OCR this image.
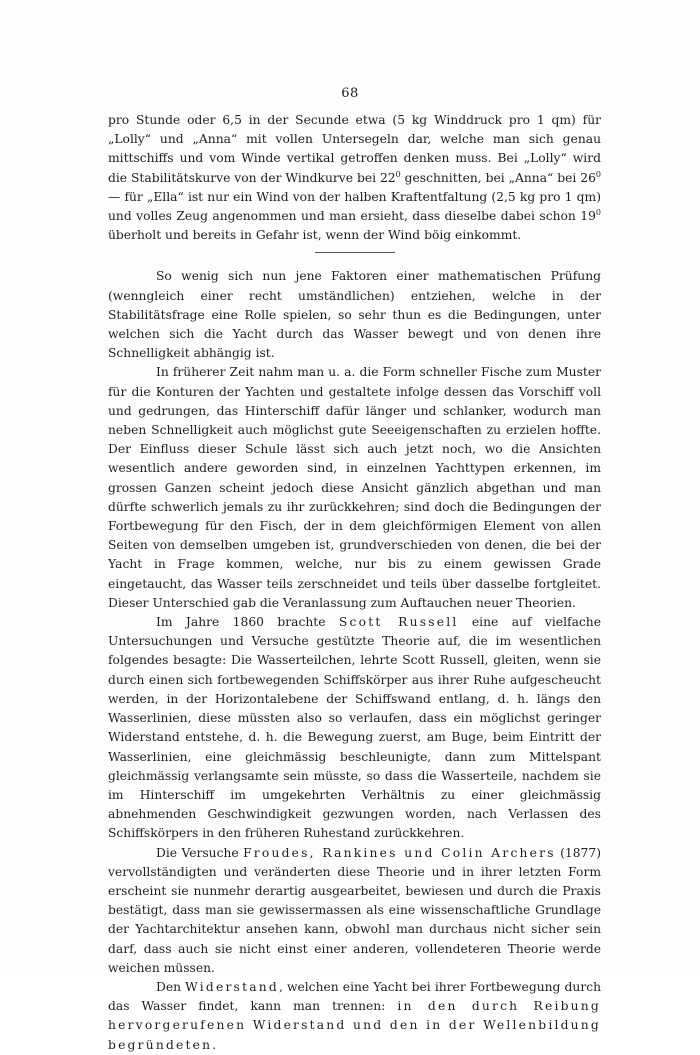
68

pro Stunde oder 6,5 in der Secunde etwa (5 kg Winddruck pro 1 qm) für „Lolly“ und „Anna“ mit vollen Untersegeln dar, welche man sich genau mittschiffs und vom Winde vertikal getroffen denken muss. Bei „Lolly“ wird die Stabilitätskurve von der Windkurve bei $22^0$ geschnitten, bei „Anna“ bei $26^0$ — für „Ella“ ist nur ein Wind von der halben Kraftentfaltung (2,5 kg pro 1 qm) und volles Zeug angenommen und man ersieht, dass dieselbe dabei schon $19^0$ überholt und bereits in Gefahr ist, wenn der Wind böig einkommt.

So wenig sich nun jene Faktoren einer mathematischen Prüfung (wenngleich einer recht umständlichen) entziehen, welche in der Stabilitätsfrage eine Rolle spielen, so sehr thun es die Bedingungen, unter welchen sich die Yacht durch das Wasser bewegt und von denen ihre Schnelligkeit abhängig ist.

In früherer Zeit nahm man u. a. die Form schneller Fische zum Muster für die Konturen der Yachten und gestaltete infolge dessen das Vorschiff voll und gedrungen, das Hinterschiff dafür länger und schlanker, wodurch man neben Schnelligkeit auch möglichst gute Seeeigenschaften zu erzielen hoffte. Der Einfluss dieser Schule lässt sich auch jetzt noch, wo die Ansichten wesentlich andere geworden sind, in einzelnen Yachttypen erkennen, im grossen Ganzen scheint jedoch diese Ansicht gänzlich abgethan und man dürfte schwerlich jemals zu ihr zurückkehren; sind doch die Bedingungen der Fortbewegung für den Fisch, der in dem gleichförmigen Element von allen Seiten von demselben umgeben ist, grundverschieden von denen, die bei der Yacht in Frage kommen, welche, nur bis zu einem gewissen Grade eingetaucht, das Wasser teils zerschneidet und teils über dasselbe fortgleitet. Dieser Unterschied gab die Veranlassung zum Auftauchen neuer Theorien.

Im Jahre 1860 brachte Scott Russell eine auf vielfache Untersuchungen und Versuche gestützte Theorie auf, die im wesentlichen folgendes besagte: Die Wasserteilchen, lehrte Scott Russell, gleiten, wenn sie durch einen sich fortbewegenden Schiffskörper aus ihrer Ruhe aufgescheucht werden, in der Horizontalebene der Schiffswand entlang, d. h. längs den Wasserlinien, diese müssten also so verlaufen, dass ein möglichst geringer Widerstand entstehe, d. h. die Bewegung zuerst, am Buge, beim Eintritt der Wasserlinien, eine gleichmässig beschleunigte, dann zum Mittelspant gleichmässig verlangsamte sein müsste, so dass die Wasserteile, nachdem sie im Hinterschiff im umgekehrten Verhältnis zu einer gleichmässig abnehmenden Geschwindigkeit gezwungen worden, nach Verlassen des Schiffskörpers in den früheren Ruhestand zurückkehren.

Die Versuche Froudes, Rankines und Colin Archers (1877) vervollständigten und veränderten diese Theorie und in ihrer letzten Form erscheint sie nunmehr derartig ausgearbeitet, bewiesen und durch die Praxis bestätigt, dass man sie gewissermassen als eine wissenschaftliche Grundlage der Yachtarchitektur ansehen kann, obwohl man durchaus nicht sicher sein darf, dass auch sie nicht einst einer anderen, vollendeteren Theorie werde weichen müssen.

Den Widerstand, welchen eine Yacht bei ihrer Fortbewegung durch das Wasser findet, kann man trennen: in den durch Reibung hervorgerufenen Widerstand und den in der Wellenbildung begründeten.
